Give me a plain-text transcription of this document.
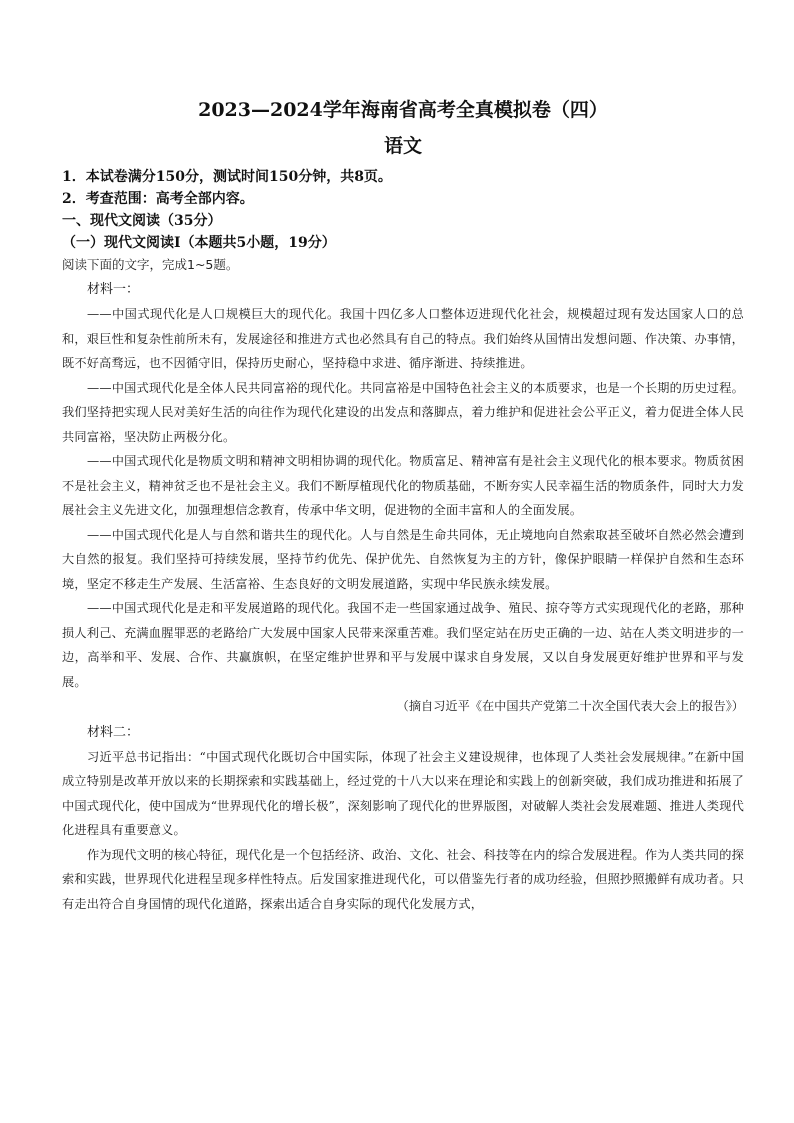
2023—2024学年海南省高考全真模拟卷（四）
语文

1．本试卷满分150分，测试时间150分钟，共8页。

2．考查范围：高考全部内容。

一、现代文阅读（35分）

（一）现代文阅读Ⅰ（本题共5小题，19分）

阅读下面的文字，完成1~5题。

材料一：

——中国式现代化是人口规模巨大的现代化。我国十四亿多人口整体迈进现代化社会，规模超过现有发达国家人口的总和，艰巨性和复杂性前所未有，发展途径和推进方式也必然具有自己的特点。我们始终从国情出发想问题、作决策、办事情，既不好高骛远，也不因循守旧，保持历史耐心，坚持稳中求进、循序渐进、持续推进。

——中国式现代化是全体人民共同富裕的现代化。共同富裕是中国特色社会主义的本质要求，也是一个长期的历史过程。我们坚持把实现人民对美好生活的向往作为现代化建设的出发点和落脚点，着力维护和促进社会公平正义，着力促进全体人民共同富裕，坚决防止两极分化。

——中国式现代化是物质文明和精神文明相协调的现代化。物质富足、精神富有是社会主义现代化的根本要求。物质贫困不是社会主义，精神贫乏也不是社会主义。我们不断厚植现代化的物质基础，不断夯实人民幸福生活的物质条件，同时大力发展社会主义先进文化，加强理想信念教育，传承中华文明，促进物的全面丰富和人的全面发展。

——中国式现代化是人与自然和谐共生的现代化。人与自然是生命共同体，无止境地向自然索取甚至破坏自然必然会遭到大自然的报复。我们坚持可持续发展，坚持节约优先、保护优先、自然恢复为主的方针，像保护眼睛一样保护自然和生态环境，坚定不移走生产发展、生活富裕、生态良好的文明发展道路，实现中华民族永续发展。

——中国式现代化是走和平发展道路的现代化。我国不走一些国家通过战争、殖民、掠夺等方式实现现代化的老路，那种损人利己、充满血腥罪恶的老路给广大发展中国家人民带来深重苦难。我们坚定站在历史正确的一边、站在人类文明进步的一边，高举和平、发展、合作、共赢旗帜，在坚定维护世界和平与发展中谋求自身发展，又以自身发展更好维护世界和平与发展。

（摘自习近平《在中国共产党第二十次全国代表大会上的报告》）

材料二：

习近平总书记指出：“中国式现代化既切合中国实际，体现了社会主义建设规律，也体现了人类社会发展规律。”在新中国成立特别是改革开放以来的长期探索和实践基础上，经过党的十八大以来在理论和实践上的创新突破，我们成功推进和拓展了中国式现代化，使中国成为“世界现代化的增长极”，深刻影响了现代化的世界版图，对破解人类社会发展难题、推进人类现代化进程具有重要意义。

作为现代文明的核心特征，现代化是一个包括经济、政治、文化、社会、科技等在内的综合发展进程。作为人类共同的探索和实践，世界现代化进程呈现多样性特点。后发国家推进现代化，可以借鉴先行者的成功经验，但照抄照搬鲜有成功者。只有走出符合自身国情的现代化道路，探索出适合自身实际的现代化发展方式，
